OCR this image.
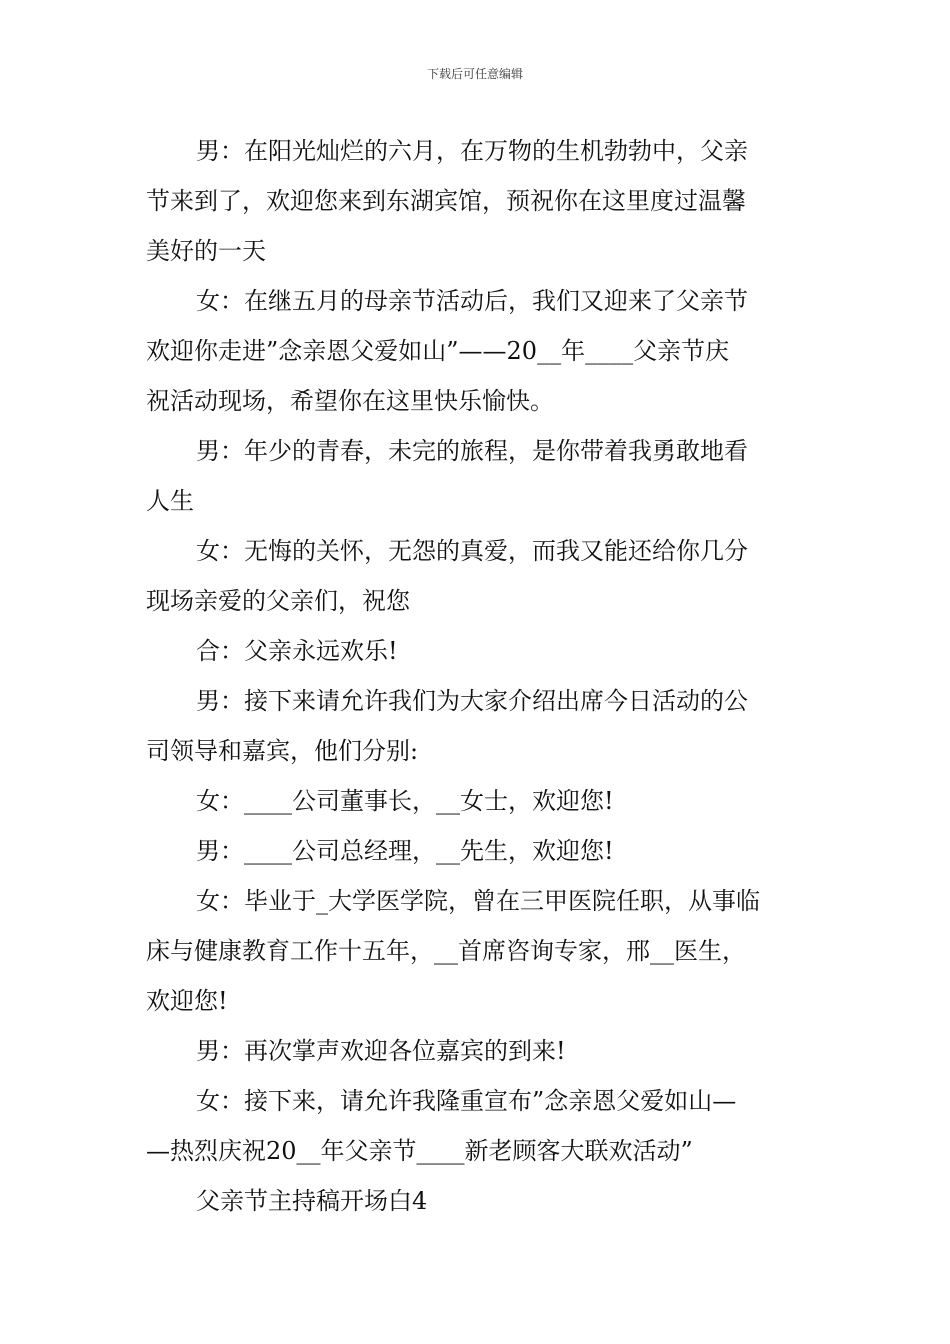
下载后可任意编辑
男：在阳光灿烂的六月，在万物的生机勃勃中，父亲
节来到了，欢迎您来到东湖宾馆，预祝你在这里度过温馨
美好的一天
女：在继五月的母亲节活动后，我们又迎来了父亲节
欢迎你走进”念亲恩父爱如山”——20__年____父亲节庆
祝活动现场，希望你在这里快乐愉快。
男：年少的青春，未完的旅程，是你带着我勇敢地看
人生
女：无悔的关怀，无怨的真爱，而我又能还给你几分
现场亲爱的父亲们，祝您
合：父亲永远欢乐!
男：接下来请允许我们为大家介绍出席今日活动的公
司领导和嘉宾，他们分别:
女：____公司董事长，__女士，欢迎您!
男：____公司总经理，__先生，欢迎您!
女：毕业于_大学医学院，曾在三甲医院任职，从事临
床与健康教育工作十五年，__首席咨询专家，邢__医生，
欢迎您!
男：再次掌声欢迎各位嘉宾的到来!
女：接下来，请允许我隆重宣布”念亲恩父爱如山—
—热烈庆祝20__年父亲节____新老顾客大联欢活动”
父亲节主持稿开场白4
